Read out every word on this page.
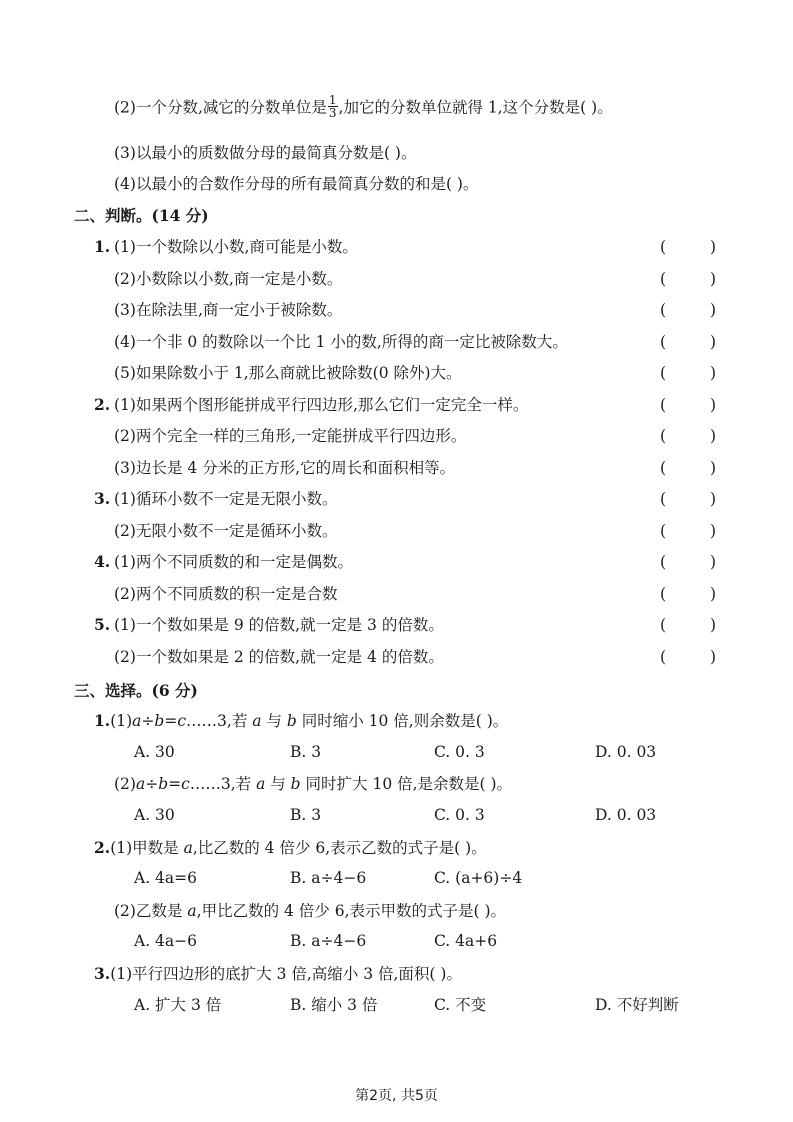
(2)一个分数,减它的分数单位是 $\frac{1}{3}$ ,加它的分数单位就得 1,这个分数是( )。
(3)以最小的质数做分母的最简真分数是( )。
(4)以最小的合数作分母的所有最简真分数的和是( )。
二、判断。(14 分)
1. (1)一个数除以小数,商可能是小数。	(	)
(2)小数除以小数,商一定是小数。	(	)
(3)在除法里,商一定小于被除数。	(	)
(4)一个非 0 的数除以一个比 1 小的数,所得的商一定比被除数大。	(	)
(5)如果除数小于 1,那么商就比被除数(0 除外)大。	(	)
2. (1)如果两个图形能拼成平行四边形,那么它们一定完全一样。	(	)
(2)两个完全一样的三角形,一定能拼成平行四边形。	(	)
(3)边长是 4 分米的正方形,它的周长和面积相等。	(	)
3. (1)循环小数不一定是无限小数。	(	)
(2)无限小数不一定是循环小数。	(	)
4. (1)两个不同质数的和一定是偶数。	(	)
(2)两个不同质数的积一定是合数	(	)
5. (1)一个数如果是 9 的倍数,就一定是 3 的倍数。	(	)
(2)一个数如果是 2 的倍数,就一定是 4 的倍数。	(	)
三、选择。(6 分)
1.(1)a÷b=c……3,若 a 与 b 同时缩小 10 倍,则余数是( )。
A. 30	B. 3	C. 0. 3	D. 0. 03
(2)a÷b=c……3,若 a 与 b 同时扩大 10 倍,是余数是( )。
A. 30	B. 3	C. 0. 3	D. 0. 03
2.(1)甲数是 a,比乙数的 4 倍少 6,表示乙数的式子是( )。
A. 4a=6	B. a÷4−6	C. (a+6)÷4
(2)乙数是 a,甲比乙数的 4 倍少 6,表示甲数的式子是( )。
A. 4a−6	B. a÷4−6	C. 4a+6
3.(1)平行四边形的底扩大 3 倍,高缩小 3 倍,面积( )。
A. 扩大 3 倍	B. 缩小 3 倍	C. 不变	D. 不好判断
第2页, 共5页
